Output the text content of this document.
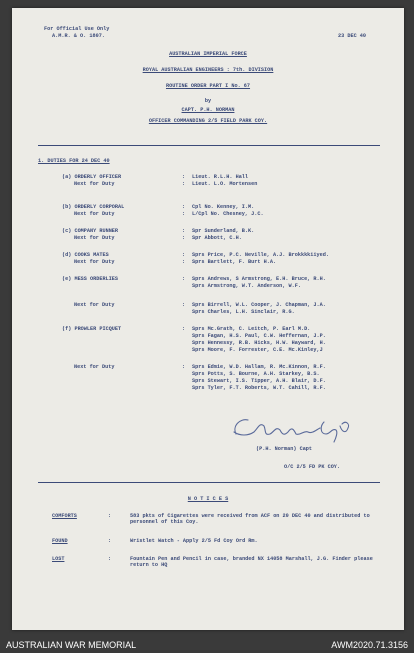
For Official Use Only
A.M.R. & O. 1807.	23 DEC 40
AUSTRALIAN IMPERIAL FORCE
ROYAL AUSTRALIAN ENGINEERS : 7th. DIVISION
ROUTINE ORDER PART I No. 67
by
CAPT. P.H. NORMAN
OFFICER COMMANDING 2/5 FIELD PARK COY.
1. DUTIES FOR 24 DEC 40
(a) ORDERLY OFFICER	: Lieut. R.L.H. Hall
Next for Duty	: Lieut. L.O. Mortensen
(b) ORDERLY CORPORAL	: Cpl No. Kenney, I.M.
Next for Duty	: L/Cpl No. Chesney, J.C.
(c) COMPANY RUNNER	: Spr Sunderland, B.K.
Next for Duty	: Spr Abbott, C.H.
(d) COOKS MATES	: Sprs Price, P.C. Neville, A.J. Brokkkkiiyed.
Next for Duty	: Sprs Bartlett, F. Burt H.A.
(e) MESS ORDERLIES	: Sprs Andrews, S Armstrong, E.H. Bruce, R.H.
Sprs Armstrong, W.T. Anderson, W.F.
Next for Duty	: Sprs Birrell, W.L. Cooper, J. Chapman, J.A.
Sprs Charles, L.H. Sinclair, R.G.
(f) PROWLER PICQUET	: Sprs Mc.Grath, C. Leitch, P. Earl M.D.
Sprs Fagan, H.S. Paul, C.W. Heffernan, J.P.
Sprs Hennessy, R.B. Hicks, H.W. Hayward, H.
Sprs Moore, F. Forrester, C.E. Mc.Kinley,J
Next for Duty	: Sprs Edmie, W.D. Hallam, R. Mc.Kinnon, R.F.
Sprs Potts, S. Bourne, A.H. Starkey, B.S.
Sprs Stewart, I.S. Tipper, A.H. Blair, D.F.
Sprs Tyler, F.T. Roberts, W.T. Cahill, R.F.
(P.H. Norman) Capt
O/C 2/5 FD PK COY.
N O T I C E S
COMFORTS	:	583 pkts of Cigarettes were received from ACF on 20 DEC 40 and distributed to personnel of this Coy.
FOUND	:	Wristlet Watch - Apply 2/5 Fd Coy Ord Rm.
LOST	:	Fountain Pen and Pencil in case, branded NX 14058 Marshall, J.G. Finder please return to HQ
AUSTRALIAN WAR MEMORIAL	AWM2020.71.3156
